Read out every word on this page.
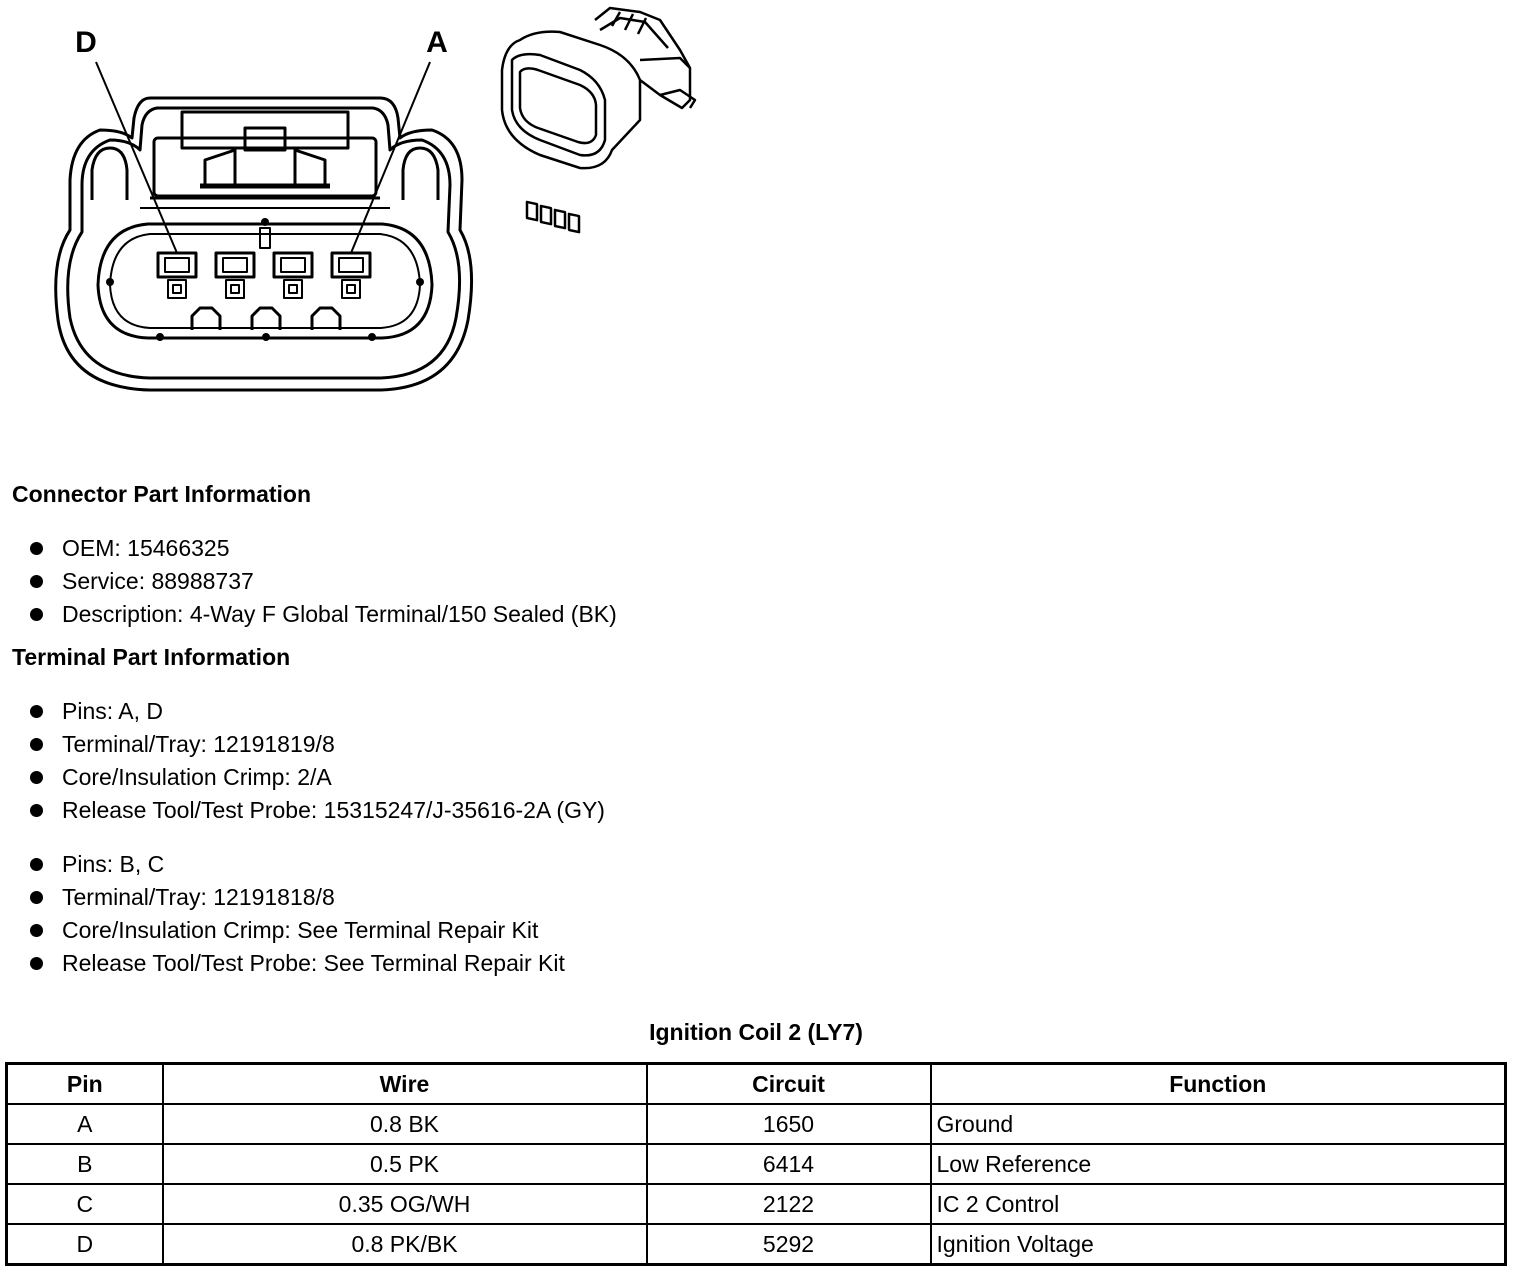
D	A
Connector Part Information
OEM: 15466325
Service: 88988737
Description: 4-Way F Global Terminal/150 Sealed (BK)
Terminal Part Information
Pins: A, D
Terminal/Tray: 12191819/8
Core/Insulation Crimp: 2/A
Release Tool/Test Probe: 15315247/J-35616-2A (GY)
Pins: B, C
Terminal/Tray: 12191818/8
Core/Insulation Crimp: See Terminal Repair Kit
Release Tool/Test Probe: See Terminal Repair Kit
Ignition Coil 2 (LY7)
Pin	Wire	Circuit	Function
A	0.8 BK	1650	Ground
B	0.5 PK	6414	Low Reference
C	0.35 OG/WH	2122	IC 2 Control
D	0.8 PK/BK	5292	Ignition Voltage
